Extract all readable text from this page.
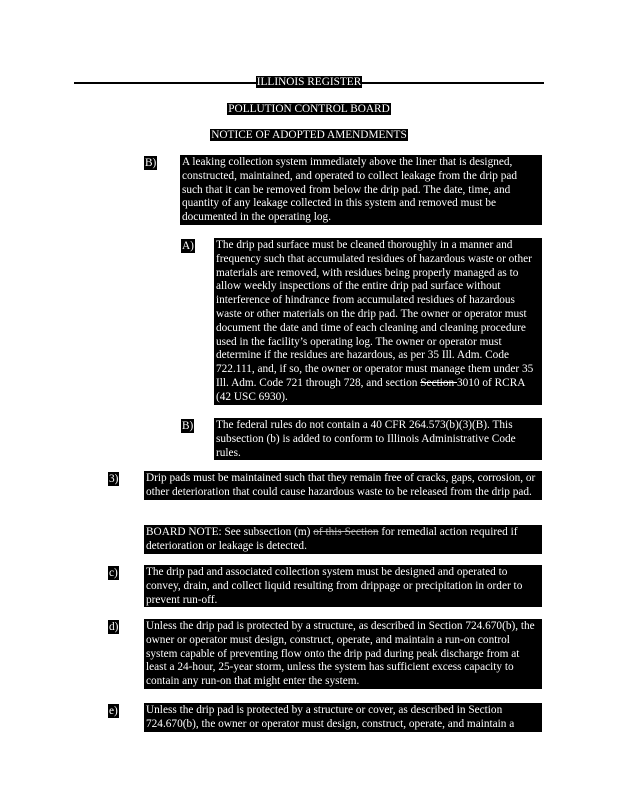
ILLINOIS REGISTER
POLLUTION CONTROL BOARD
NOTICE OF ADOPTED AMENDMENTS
B) A leaking collection system immediately above the liner that is designed, constructed, maintained, and operated to collect leakage from the drip pad such that it can be removed from below the drip pad. The date, time, and quantity of any leakage collected in this system and removed must be documented in the operating log.
A) The drip pad surface must be cleaned thoroughly in a manner and frequency such that accumulated residues of hazardous waste or other materials are removed, with residues being properly managed as to allow weekly inspections of the entire drip pad surface without interference of hindrance from accumulated residues of hazardous waste or other materials on the drip pad. The owner or operator must document the date and time of each cleaning and cleaning procedure used in the facility’s operating log. The owner or operator must determine if the residues are hazardous, as per 35 Ill. Adm. Code 722.111, and, if so, the owner or operator must manage them under 35 Ill. Adm. Code 721 through 728, and section Section 3010 of RCRA (42 USC 6930).
B) The federal rules do not contain a 40 CFR 264.573(b)(3)(B). This subsection (b) is added to conform to Illinois Administrative Code rules.
3) Drip pads must be maintained such that they remain free of cracks, gaps, corrosion, or other deterioration that could cause hazardous waste to be released from the drip pad.
BOARD NOTE: See subsection (m) of this Section for remedial action required if deterioration or leakage is detected.
c) The drip pad and associated collection system must be designed and operated to convey, drain, and collect liquid resulting from drippage or precipitation in order to prevent run-off.
d) Unless the drip pad is protected by a structure, as described in Section 724.670(b), the owner or operator must design, construct, operate, and maintain a run-on control system capable of preventing flow onto the drip pad during peak discharge from at least a 24-hour, 25-year storm, unless the system has sufficient excess capacity to contain any run-on that might enter the system.
e) Unless the drip pad is protected by a structure or cover, as described in Section 724.670(b), the owner or operator must design, construct, operate, and maintain a
